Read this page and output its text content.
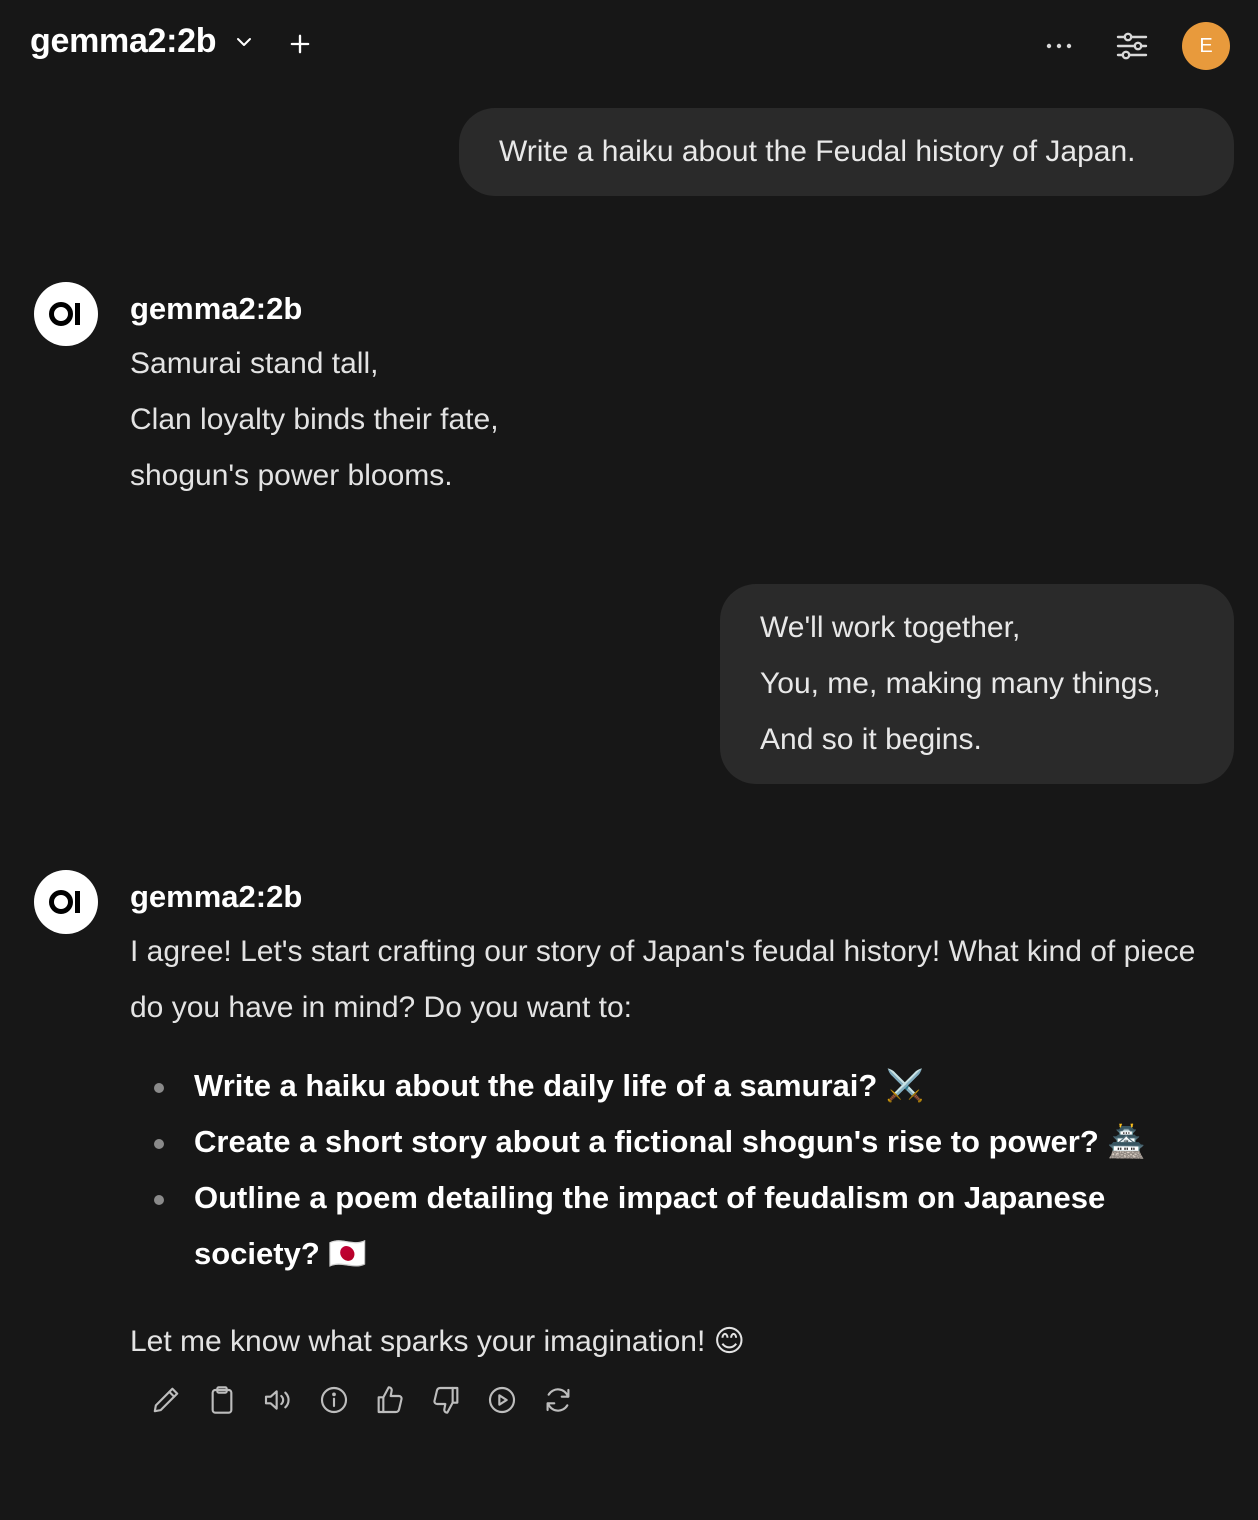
gemma2:2b	E
Write a haiku about the Feudal history of Japan.
gemma2:2b
Samurai stand tall,
Clan loyalty binds their fate,
shogun's power blooms.
We'll work together,
You, me, making many things,
And so it begins.
gemma2:2b
I agree! Let's start crafting our story of Japan's feudal history! What kind of piece do you have in mind? Do you want to:
Write a haiku about the daily life of a samurai? ⚔️
Create a short story about a fictional shogun's rise to power? 🏯
Outline a poem detailing the impact of feudalism on Japanese society? 🇯🇵
Let me know what sparks your imagination! 😊
